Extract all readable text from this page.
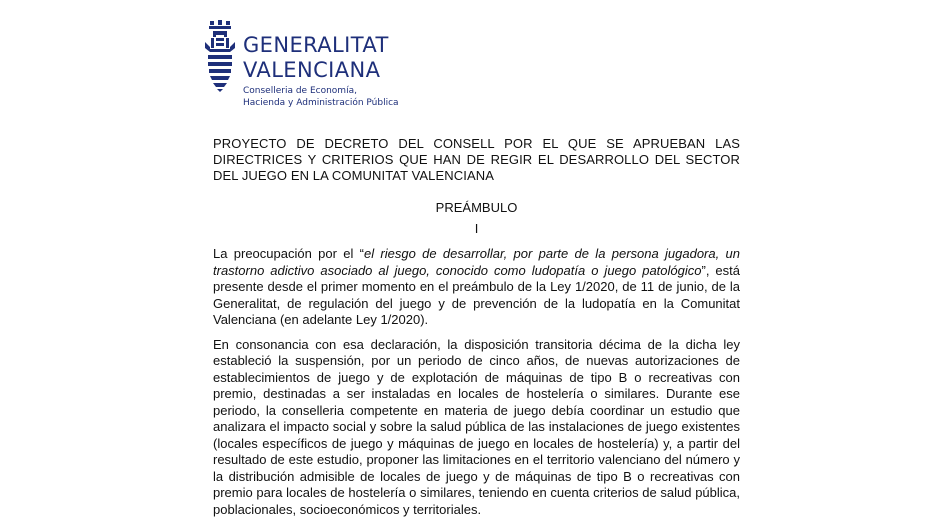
GENERALITAT
VALENCIANA
Conselleria de Economía,
Hacienda y Administración Pública
PROYECTO DE DECRETO DEL CONSELL POR EL QUE SE APRUEBAN LAS DIRECTRICES Y CRITERIOS QUE HAN DE REGIR EL DESARROLLO DEL SECTOR DEL JUEGO EN LA COMUNITAT VALENCIANA

PREÁMBULO

I

La preocupación por el “el riesgo de desarrollar, por parte de la persona jugadora, un trastorno adictivo asociado al juego, conocido como ludopatía o juego patológico”, está presente desde el primer momento en el preámbulo de la Ley 1/2020, de 11 de junio, de la Generalitat, de regulación del juego y de prevención de la ludopatía en la Comunitat Valenciana (en adelante Ley 1/2020).

En consonancia con esa declaración, la disposición transitoria décima de la dicha ley estableció la suspensión, por un periodo de cinco años, de nuevas autorizaciones de establecimientos de juego y de explotación de máquinas de tipo B o recreativas con premio, destinadas a ser instaladas en locales de hostelería o similares. Durante ese periodo, la conselleria competente en materia de juego debía coordinar un estudio que analizara el impacto social y sobre la salud pública de las instalaciones de juego existentes (locales específicos de juego y máquinas de juego en locales de hostelería) y, a partir del resultado de este estudio, proponer las limitaciones en el territorio valenciano del número y la distribución admisible de locales de juego y de máquinas de tipo B o recreativas con premio para locales de hostelería o similares, teniendo en cuenta criterios de salud pública, poblacionales, socioeconómicos y territoriales.
